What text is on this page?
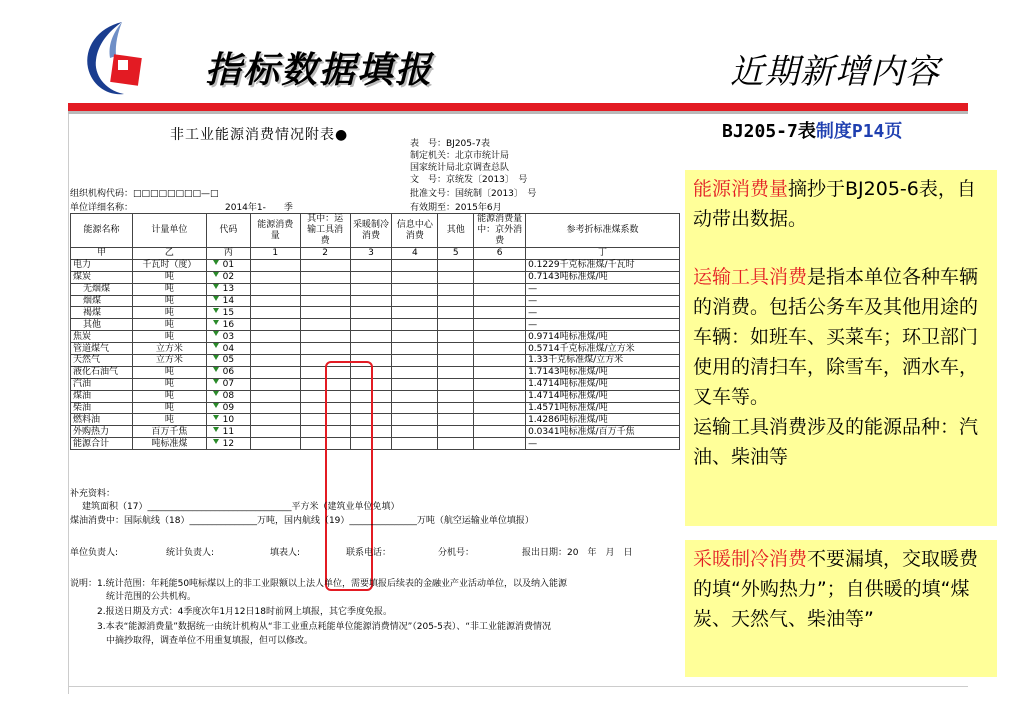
指标数据填报	近期新增内容
BJ205-7表制度P14页
非工业能源消费情况附表●
表　号：BJ205-7表
制定机关：北京市统计局
国家统计局北京调查总队
文　号：京统发〔2013〕　号
批准文号：国统制〔2013〕　号
有效期至：2015年6月
组织机构代码：□□□□□□□□—□
单位详细名称：	2014年1-　　季
能源名称	计量单位	代码	能源消费量	其中：运输工具消费	采暖制冷消费	信息中心消费	其他	能源消费量中：京外消费	参考折标准煤系数
甲	乙	丙	1	2	3	4	5	6	丁
电力	千瓦时（度）	01							0.1229千克标准煤/千瓦时
煤炭	吨	02							0.7143吨标准煤/吨
无烟煤	吨	13							—
烟煤	吨	14							—
褐煤	吨	15							—
其他	吨	16							—
焦炭	吨	03							0.9714吨标准煤/吨
管道煤气	立方米	04							0.5714千克标准煤/立方米
天然气	立方米	05							1.33千克标准煤/立方米
液化石油气	吨	06							1.7143吨标准煤/吨
汽油	吨	07							1.4714吨标准煤/吨
煤油	吨	08							1.4714吨标准煤/吨
柴油	吨	09							1.4571吨标准煤/吨
燃料油	吨	10							1.4286吨标准煤/吨
外购热力	百万千焦	11							0.0341吨标准煤/百万千焦
能源合计	吨标准煤	12							—
补充资料：
建筑面积（17）________________________________平方米（建筑业单位免填）
煤油消费中：国际航线（18）_______________万吨，国内航线（19）_______________万吨（航空运输业单位填报）
单位负责人:	统计负责人:	填表人:	联系电话：	分机号：	报出日期：20　年　月　日
说明：1.统计范围：年耗能50吨标煤以上的非工业限额以上法人单位，需要填报后续表的金融业产业活动单位，以及纳入能源
　　　　统计范围的公共机构。
　　　2.报送日期及方式：4季度次年1月12日18时前网上填报，其它季度免报。
　　　3.本表“能源消费量”数据统一由统计机构从“非工业重点耗能单位能源消费情况”（205-5表）、“非工业能源消费情况
　　　　中摘抄取得，调查单位不用重复填报，但可以修改。
能源消费量摘抄于BJ205-6表，自动带出数据。
运输工具消费是指本单位各种车辆的消费。包括公务车及其他用途的车辆：如班车、买菜车；环卫部门使用的清扫车，除雪车，洒水车，叉车等。
运输工具消费涉及的能源品种：汽油、柴油等
采暖制冷消费不要漏填，交取暖费的填“外购热力”；自供暖的填“煤炭、天然气、柴油等”
